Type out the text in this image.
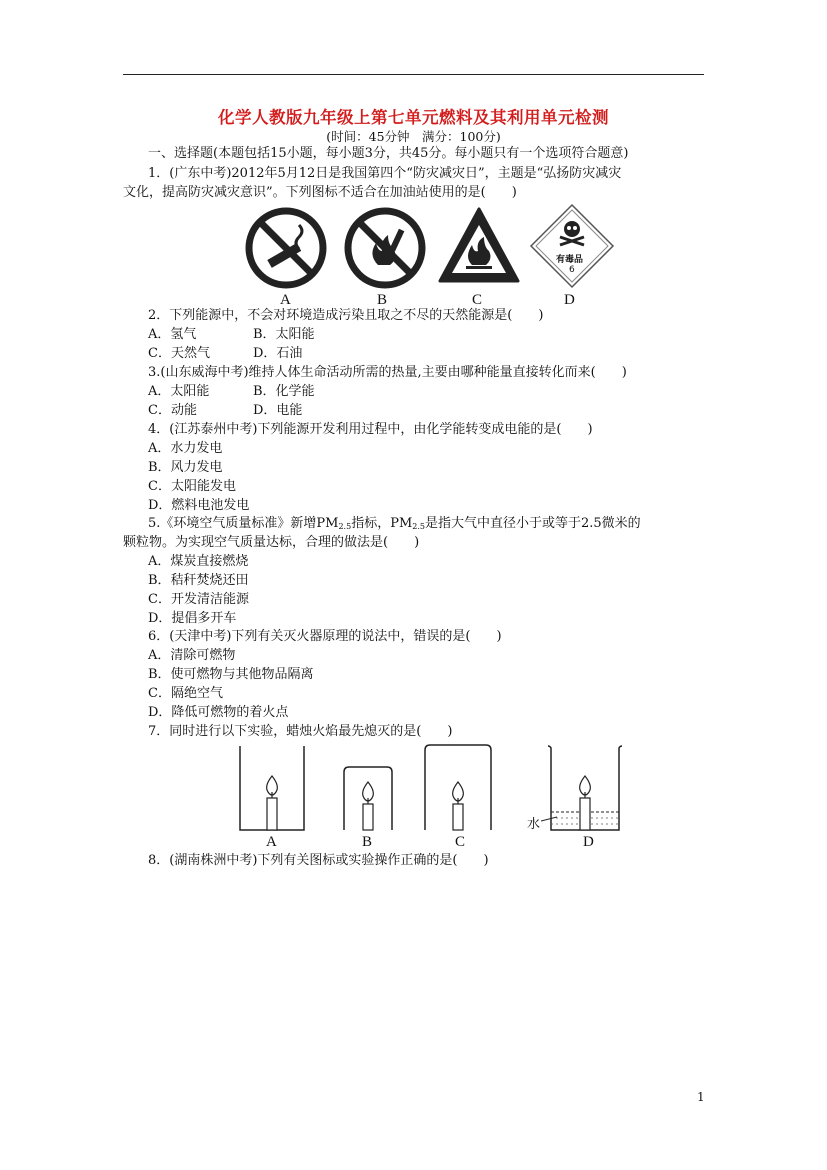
化学人教版九年级上第七单元燃料及其利用单元检测
(时间：45分钟　满分：100分)
一、选择题(本题包括15小题，每小题3分，共45分。每小题只有一个选项符合题意)
1．(广东中考)2012年5月12日是我国第四个“防灾减灾日”，主题是“弘扬防灾减灾
文化，提高防灾减灾意识”。下列图标不适合在加油站使用的是(　　)
有毒品
6
A	B	C	D
2．下列能源中，不会对环境造成污染且取之不尽的天然能源是(　　)
A．氢气	B．太阳能
C．天然气	D．石油
3.(山东威海中考)维持人体生命活动所需的热量,主要由哪种能量直接转化而来(　　)
A．太阳能	B．化学能
C．动能	D．电能
4．(江苏泰州中考)下列能源开发利用过程中，由化学能转变成电能的是(　　)
A．水力发电
B．风力发电
C．太阳能发电
D．燃料电池发电
5.《环境空气质量标准》新增$PM_{2.5}$指标，$PM_{2.5}$是指大气中直径小于或等于2.5微米的
颗粒物。为实现空气质量达标，合理的做法是(　　)
A．煤炭直接燃烧
B．秸秆焚烧还田
C．开发清洁能源
D．提倡多开车
6．(天津中考)下列有关灭火器原理的说法中，错误的是(　　)
A．清除可燃物
B．使可燃物与其他物品隔离
C．隔绝空气
D．降低可燃物的着火点
7．同时进行以下实验，蜡烛火焰最先熄灭的是(　　)
水
A	B	C	D
8．(湖南株洲中考)下列有关图标或实验操作正确的是(　　)
1
